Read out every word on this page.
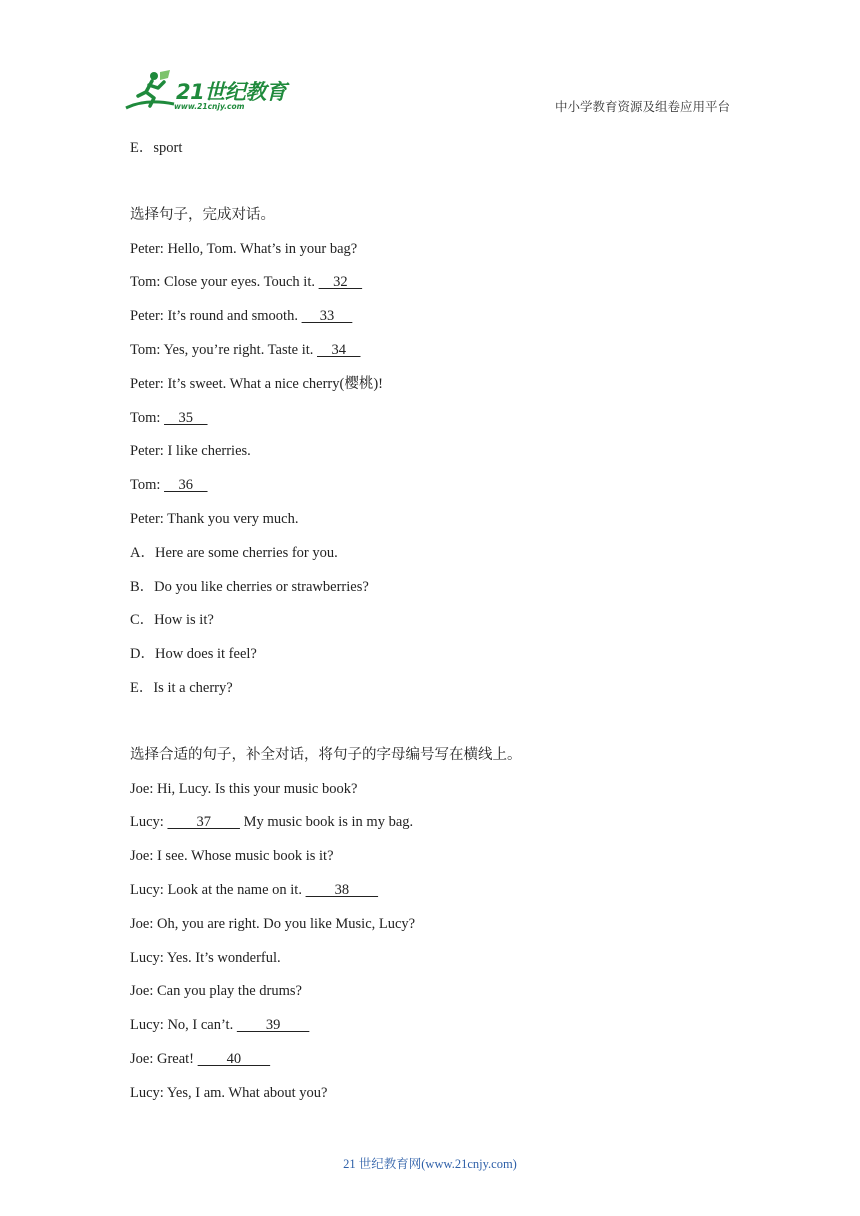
21世纪教育
www.21cnjy.com	中小学教育资源及组卷应用平台
E．sport
选择句子，完成对话。
Peter: Hello, Tom. What’s in your bag?
Tom: Close your eyes. Touch it.     32
Peter: It’s round and smooth.      33
Tom: Yes, you’re right. Taste it.     34
Peter: It’s sweet. What a nice cherry(樱桃)!
Tom:     35
Peter: I like cherries.
Tom:     36
Peter: Thank you very much.
A．Here are some cherries for you.
B．Do you like cherries or strawberries?
C．How is it?
D．How does it feel?
E．Is it a cherry?
选择合适的句子，补全对话，将句子的字母编号写在横线上。
Joe: Hi, Lucy. Is this your music book?
Lucy:         37         My music book is in my bag.
Joe: I see. Whose music book is it?
Lucy: Look at the name on it.         38
Joe: Oh, you are right. Do you like Music, Lucy?
Lucy: Yes. It’s wonderful.
Joe: Can you play the drums?
Lucy: No, I can’t.         39
Joe: Great!         40
Lucy: Yes, I am. What about you?
21 世纪教育网(www.21cnjy.com)
